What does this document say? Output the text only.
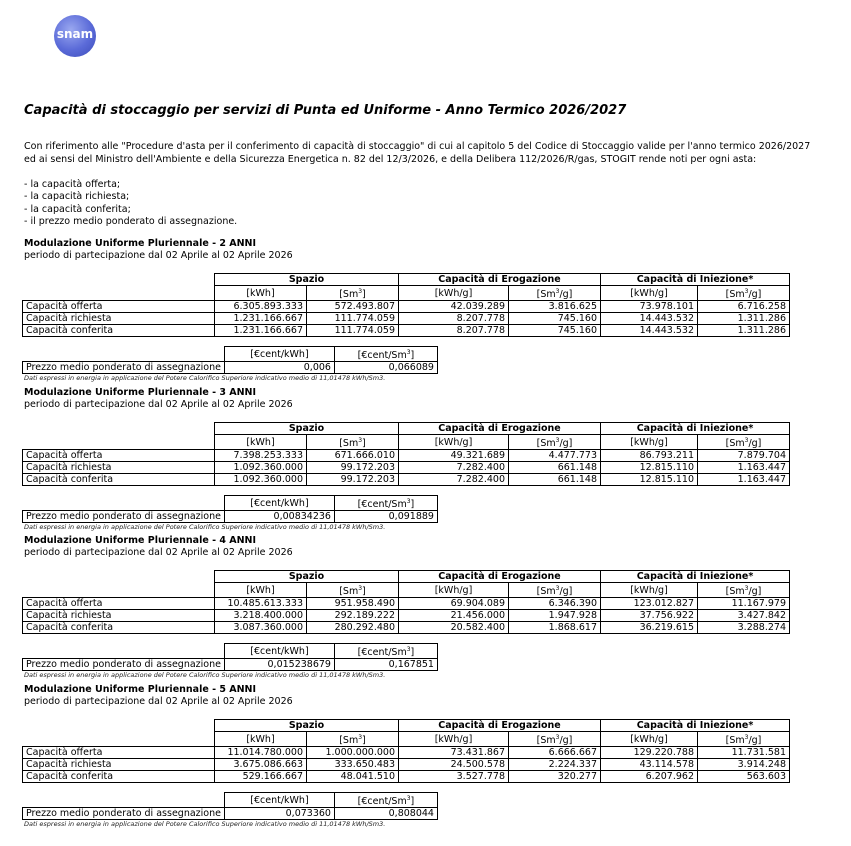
snam
Capacità di stoccaggio per servizi di Punta ed Uniforme - Anno Termico 2026/2027
Con riferimento alle "Procedure d'asta per il conferimento di capacità di stoccaggio" di cui al capitolo 5 del Codice di Stoccaggio valide per l'anno termico 2026/2027 ed ai sensi del Ministro dell'Ambiente e della Sicurezza Energetica n. 82 del 12/3/2026, e della Delibera 112/2026/R/gas, STOGIT rende noti per ogni asta:
- la capacità offerta;
- la capacità richiesta;
- la capacità conferita;
- il prezzo medio ponderato di assegnazione.
Modulazione Uniforme Pluriennale - 2 ANNI
periodo di partecipazione dal 02 Aprile al 02 Aprile 2026
	Spazio		Capacità di Erogazione		Capacità di Iniezione*	
	[kWh]	[Sm$^3$]	[kWh/g]	[Sm$^3$/g]	[kWh/g]	[Sm$^3$/g]
Capacità offerta	6.305.893.333	572.493.807	42.039.289	3.816.625	73.978.101	6.716.258
Capacità richiesta	1.231.166.667	111.774.059	8.207.778	745.160	14.443.532	1.311.286
Capacità conferita	1.231.166.667	111.774.059	8.207.778	745.160	14.443.532	1.311.286
	[€cent/kWh]	[€cent/Sm$^3$]
Prezzo medio ponderato di assegnazione	0,006	0,066089
Dati espressi in energia in applicazione del Potere Calorifico Superiore indicativo medio di 11,01478 kWh/Sm3.
Modulazione Uniforme Pluriennale - 3 ANNI
periodo di partecipazione dal 02 Aprile al 02 Aprile 2026
	Spazio		Capacità di Erogazione		Capacità di Iniezione*	
	[kWh]	[Sm$^3$]	[kWh/g]	[Sm$^3$/g]	[kWh/g]	[Sm$^3$/g]
Capacità offerta	7.398.253.333	671.666.010	49.321.689	4.477.773	86.793.211	7.879.704
Capacità richiesta	1.092.360.000	99.172.203	7.282.400	661.148	12.815.110	1.163.447
Capacità conferita	1.092.360.000	99.172.203	7.282.400	661.148	12.815.110	1.163.447
	[€cent/kWh]	[€cent/Sm$^3$]
Prezzo medio ponderato di assegnazione	0,00834236	0,091889
Dati espressi in energia in applicazione del Potere Calorifico Superiore indicativo medio di 11,01478 kWh/Sm3.
Modulazione Uniforme Pluriennale - 4 ANNI
periodo di partecipazione dal 02 Aprile al 02 Aprile 2026
	Spazio		Capacità di Erogazione		Capacità di Iniezione*	
	[kWh]	[Sm$^3$]	[kWh/g]	[Sm$^3$/g]	[kWh/g]	[Sm$^3$/g]
Capacità offerta	10.485.613.333	951.958.490	69.904.089	6.346.390	123.012.827	11.167.979
Capacità richiesta	3.218.400.000	292.189.222	21.456.000	1.947.928	37.756.922	3.427.842
Capacità conferita	3.087.360.000	280.292.480	20.582.400	1.868.617	36.219.615	3.288.274
	[€cent/kWh]	[€cent/Sm$^3$]
Prezzo medio ponderato di assegnazione	0,015238679	0,167851
Dati espressi in energia in applicazione del Potere Calorifico Superiore indicativo medio di 11,01478 kWh/Sm3.
Modulazione Uniforme Pluriennale - 5 ANNI
periodo di partecipazione dal 02 Aprile al 02 Aprile 2026
	Spazio		Capacità di Erogazione		Capacità di Iniezione*	
	[kWh]	[Sm$^3$]	[kWh/g]	[Sm$^3$/g]	[kWh/g]	[Sm$^3$/g]
Capacità offerta	11.014.780.000	1.000.000.000	73.431.867	6.666.667	129.220.788	11.731.581
Capacità richiesta	3.675.086.663	333.650.483	24.500.578	2.224.337	43.114.578	3.914.248
Capacità conferita	529.166.667	48.041.510	3.527.778	320.277	6.207.962	563.603
	[€cent/kWh]	[€cent/Sm$^3$]
Prezzo medio ponderato di assegnazione	0,073360	0,808044
Dati espressi in energia in applicazione del Potere Calorifico Superiore indicativo medio di 11,01478 kWh/Sm3.
